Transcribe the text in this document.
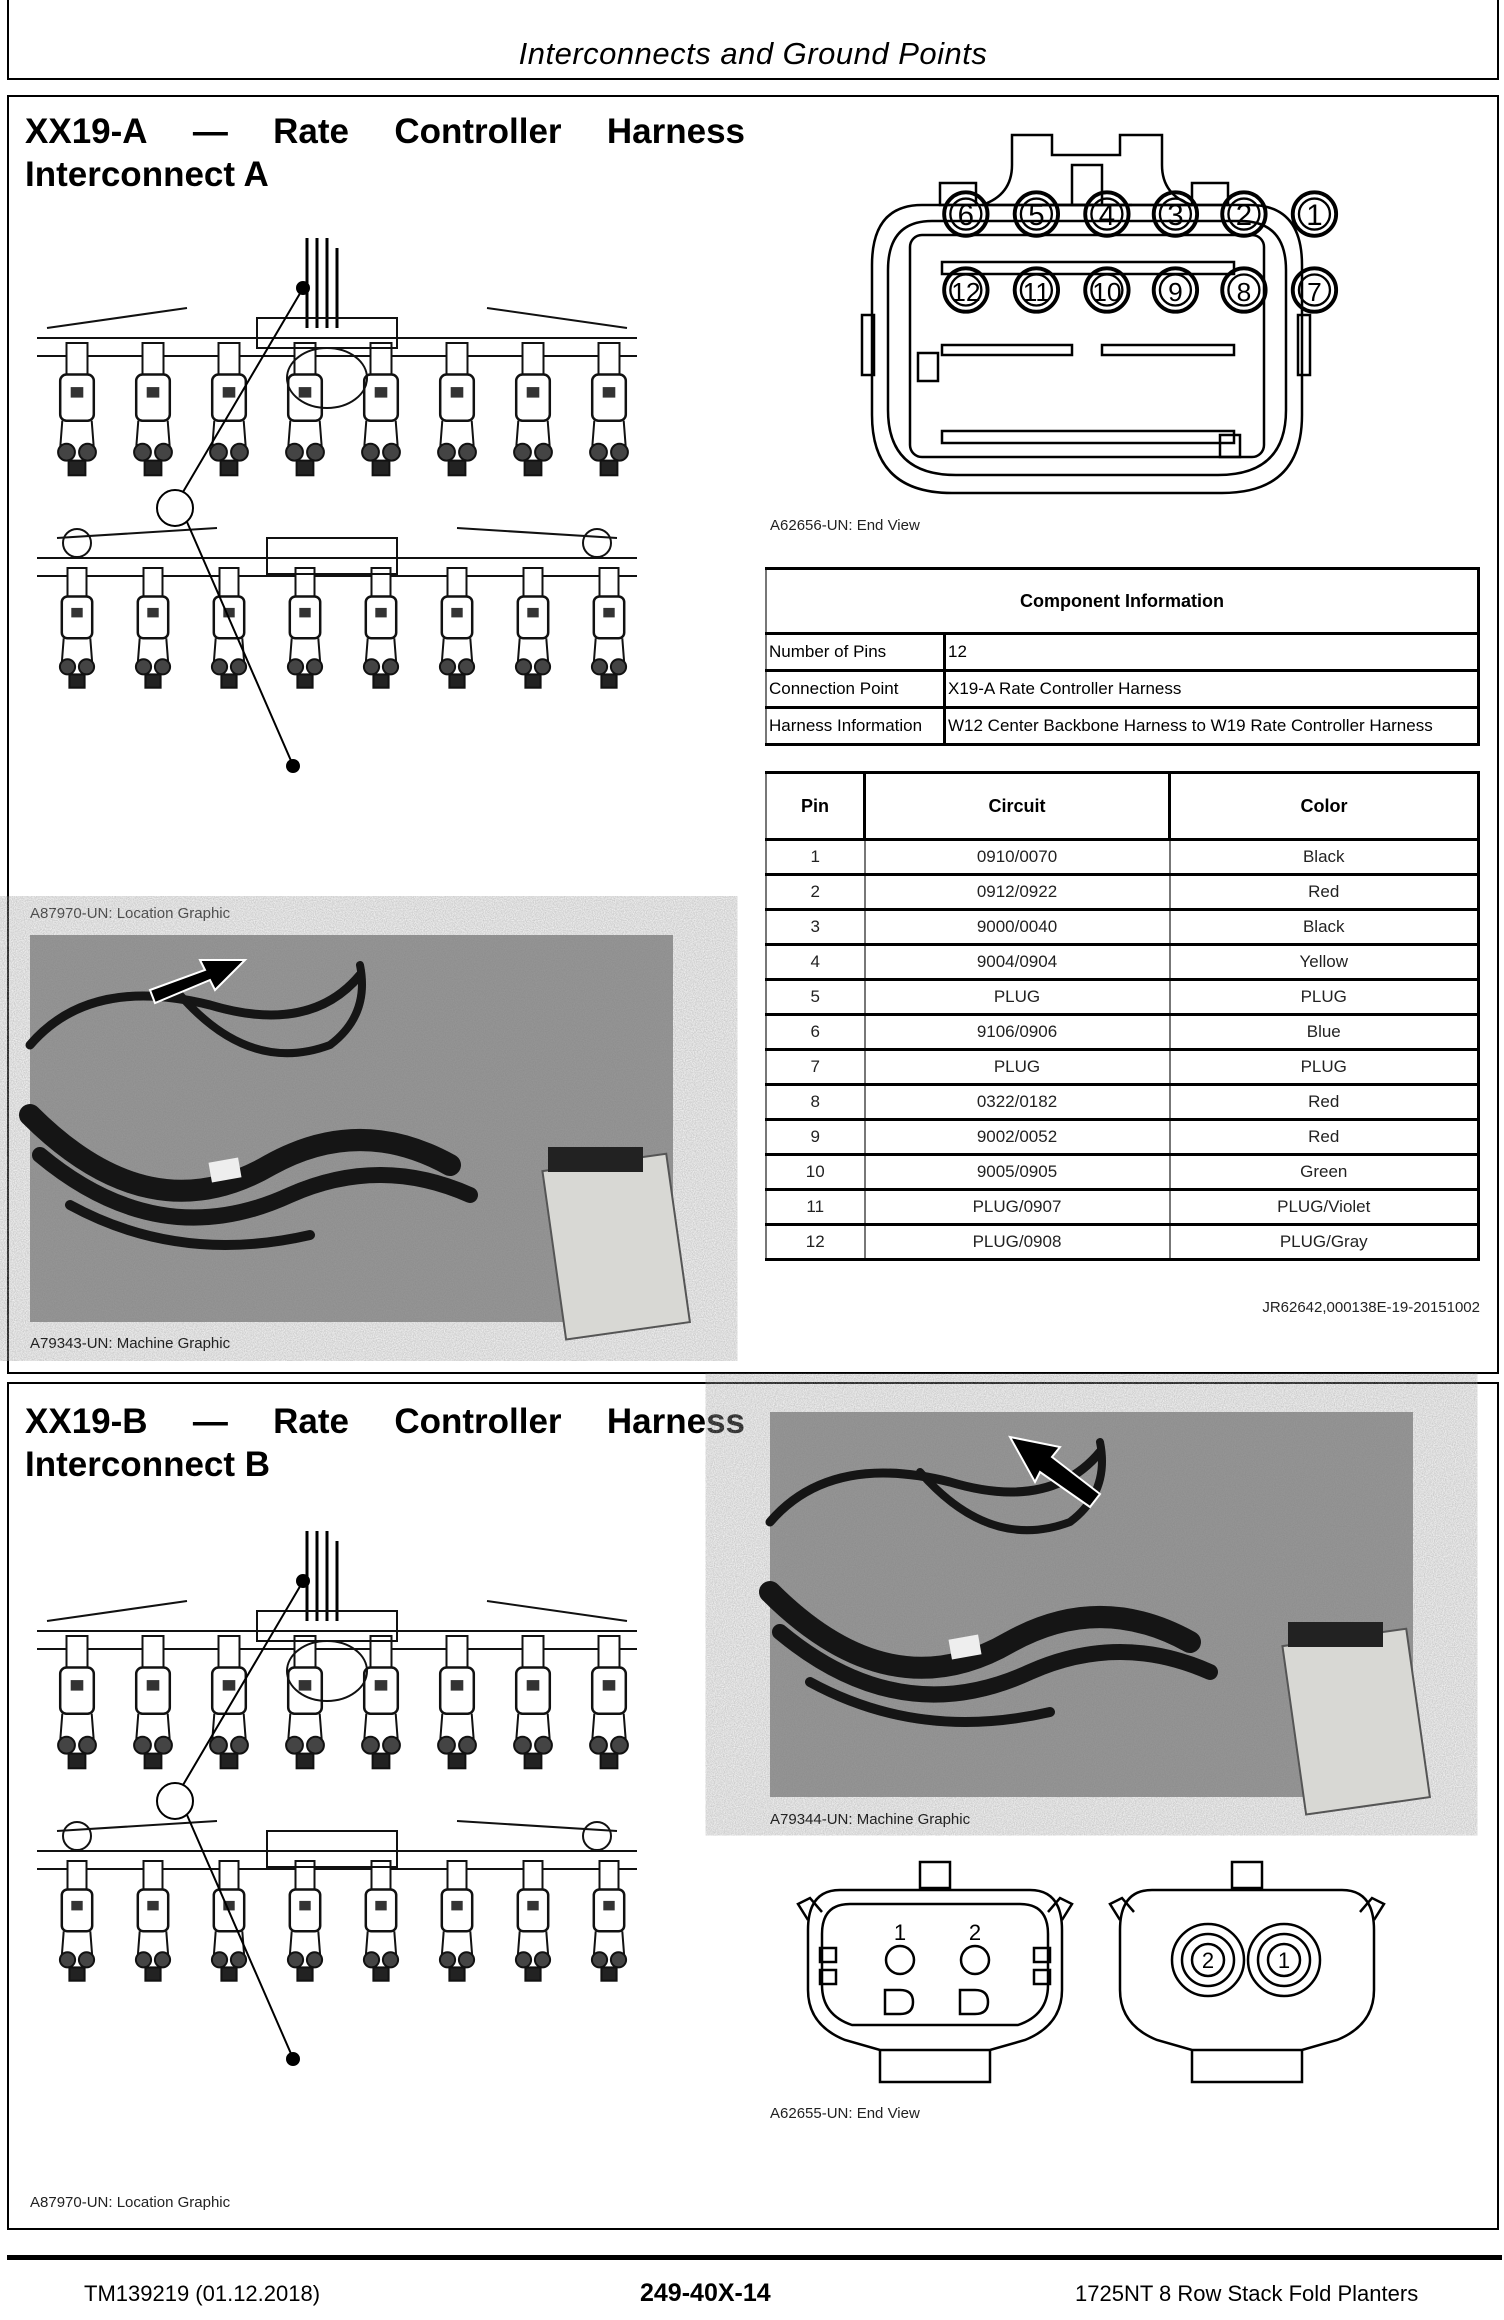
Interconnects and Ground Points
XX19-A — Rate Controller Harness
Interconnect A
A87970-UN: Location Graphic
A79343-UN: Machine Graphic
6	5	4	3	2	1
12 11 10	9	8	7
A62656-UN: End View
Component Information	
Number of Pins	12
Connection Point	X19-A Rate Controller Harness
Harness Information	W12 Center Backbone Harness to W19 Rate Controller Harness
Pin	Circuit	Color
1	0910/0070	Black
2	0912/0922	Red
3	9000/0040	Black
4	9004/0904	Yellow
5	PLUG	PLUG
6	9106/0906	Blue
7	PLUG	PLUG
8	0322/0182	Red
9	9002/0052	Red
10	9005/0905	Green
11	PLUG/0907	PLUG/Violet
12	PLUG/0908	PLUG/Gray
JR62642,000138E-19-20151002
XX19-B — Rate Controller Harness
Interconnect B
A79344-UN: Machine Graphic
A87970-UN: Location Graphic
1	2
2	1
A62655-UN: End View
TM139219 (01.12.2018)	249-40X-14	1725NT 8 Row Stack Fold Planters
